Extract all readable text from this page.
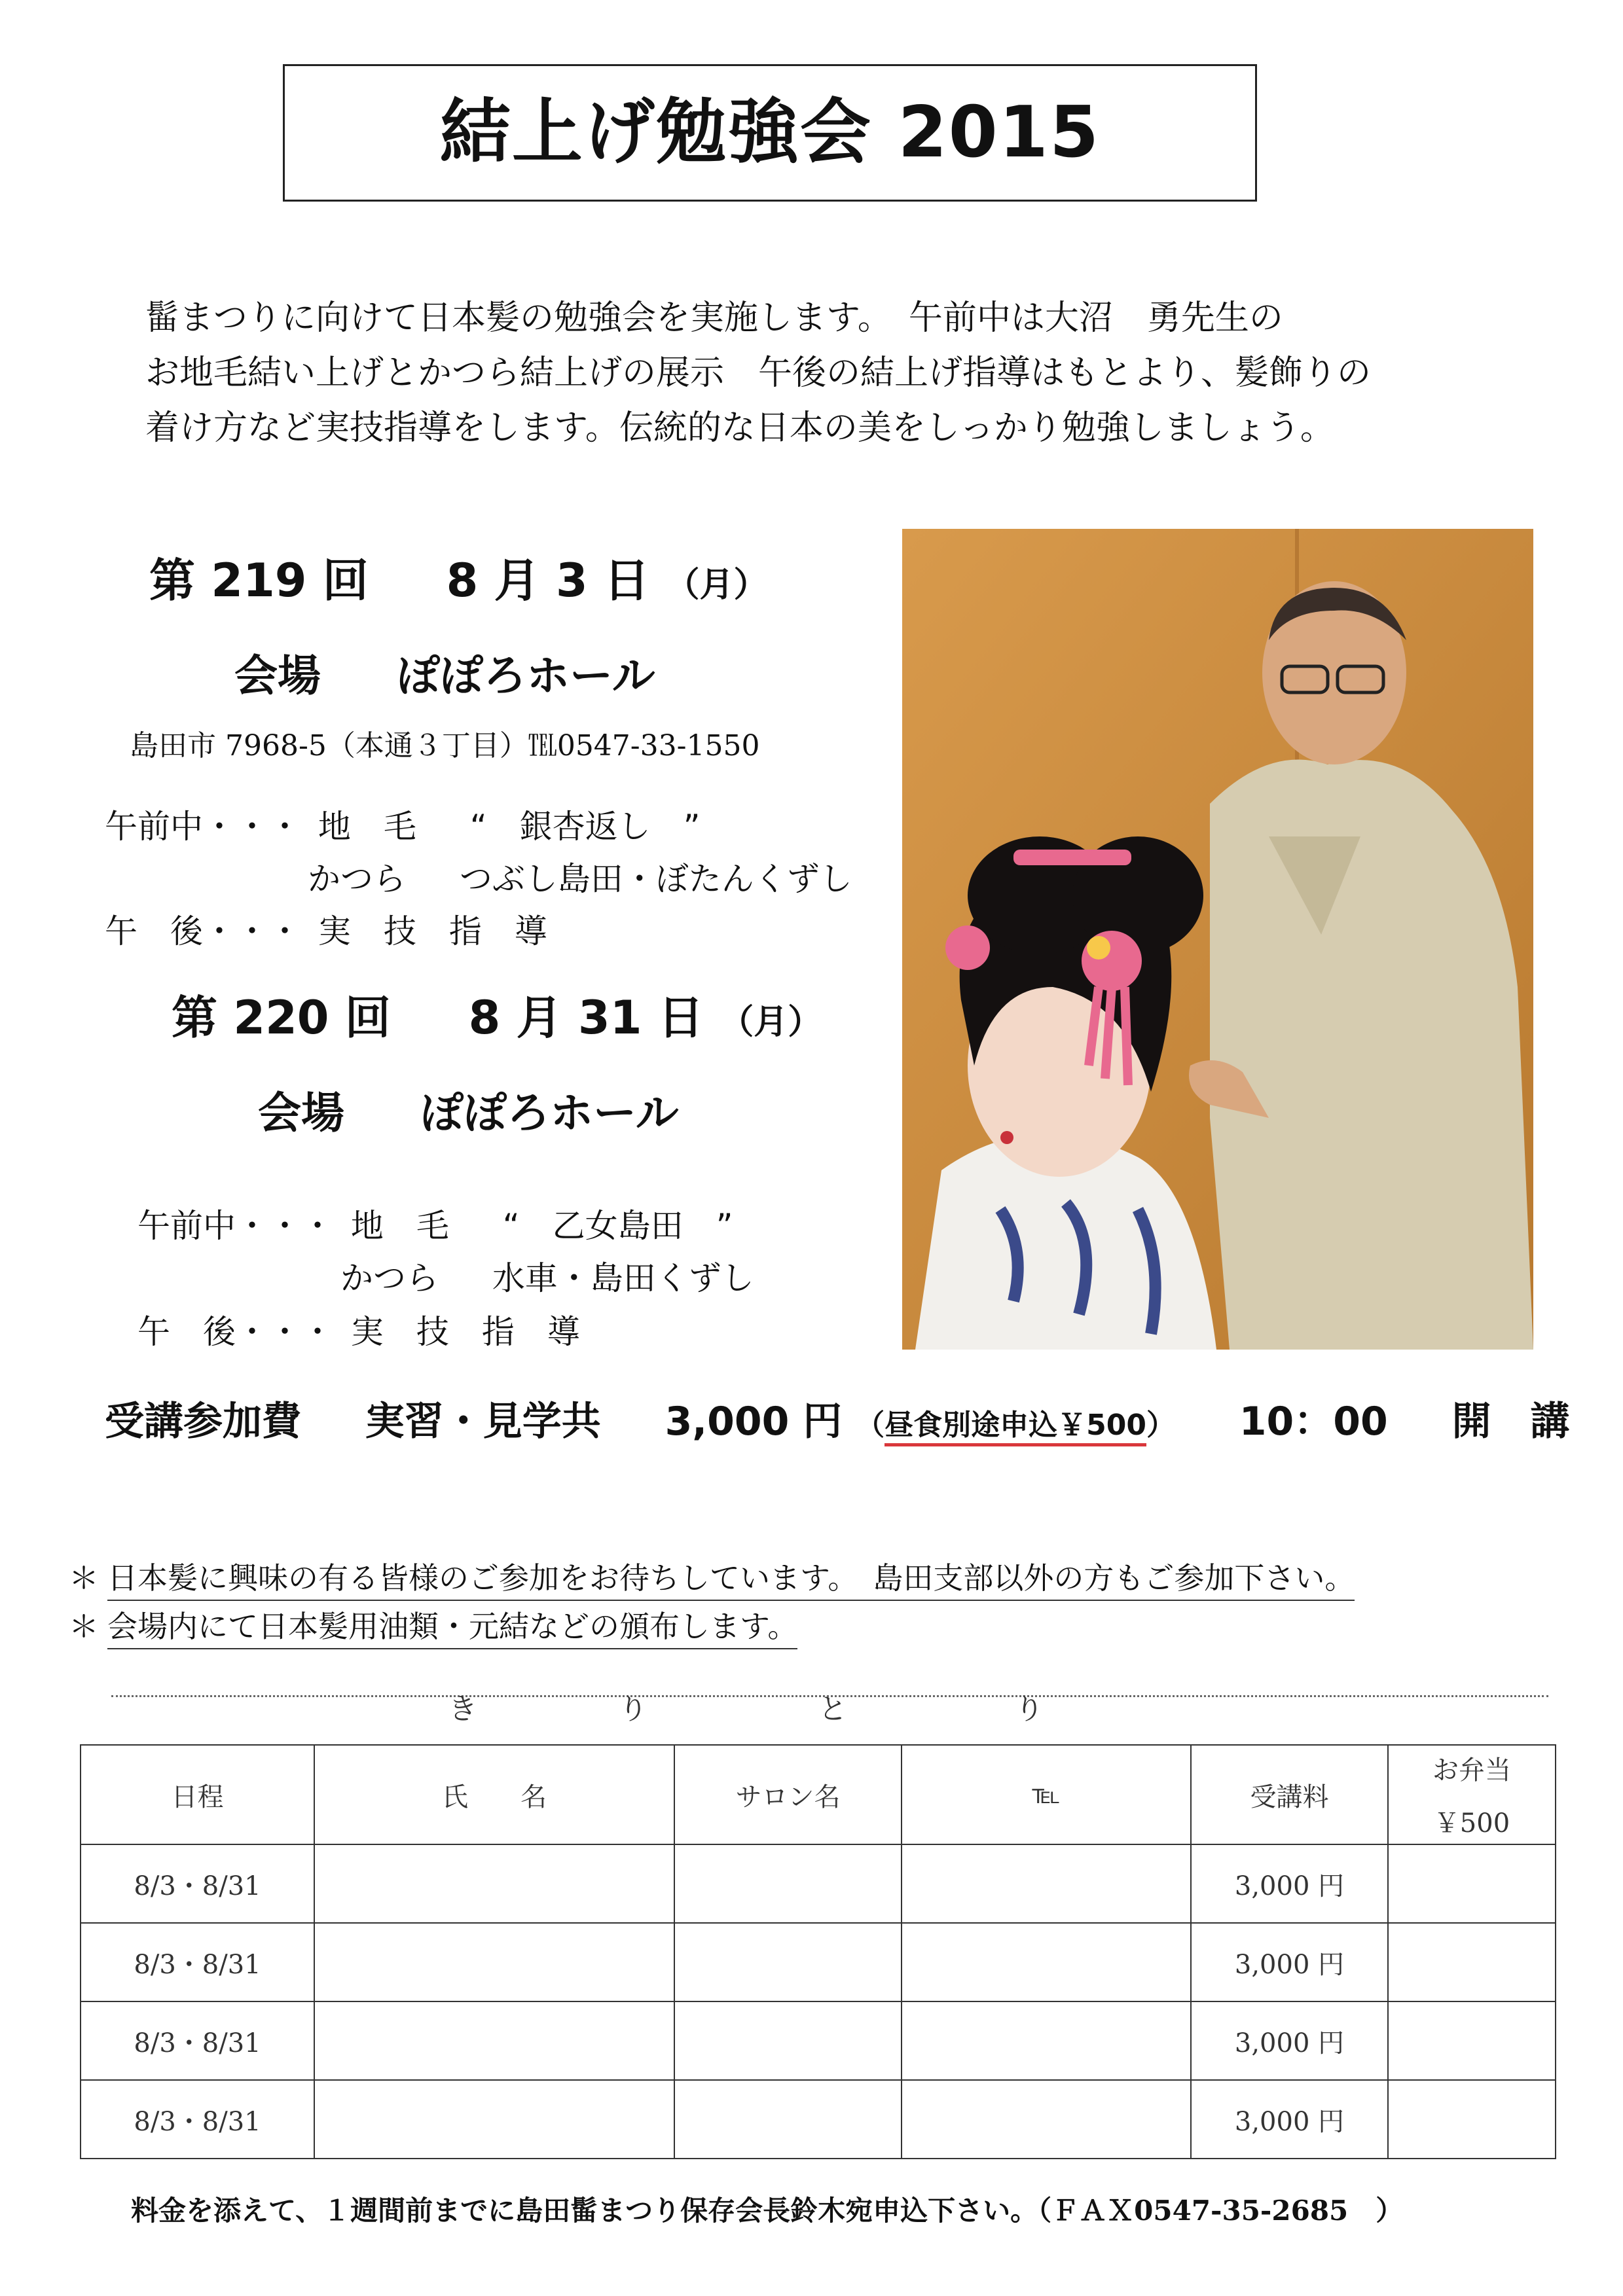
結上げ勉強会 2015
髷まつりに向けて日本髪の勉強会を実施します。　午前中は大沼　勇先生の
お地毛結い上げとかつら結上げの展示　午後の結上げ指導はもとより、髪飾りの
着け方など実技指導をします。伝統的な日本の美をしっかり勉強しましょう。
第 219 回 8 月 3 日 （月）
会場 ぽぽろホール
島田市 7968-5（本通３丁目）℡0547-33-1550
午前中・・・ 地　毛 “　銀杏返し　”
かつら つぶし島田・ぼたんくずし
午　後・・・ 実　技　指　導
第 220 回 8 月 31 日 （月）
会場 ぽぽろホール
午前中・・・ 地　毛 “　乙女島田　”
かつら 水車・島田くずし
午　後・・・ 実　技　指　導
受講参加費 実習・見学共 3,000 円 （昼食別途申込￥500） 10：00 開　講
＊ 日本髪に興味の有る皆様のご参加をお待ちしています。　島田支部以外の方もご参加下さい。
＊ 会場内にて日本髪用油類・元結などの頒布します。
き	り	と	り
日程	氏　　名	サロン名	℡	受講料	お弁当
￥500

8/3・8/31				3,000 円	
8/3・8/31				3,000 円	
8/3・8/31				3,000 円	
8/3・8/31				3,000 円	
料金を添えて、１週間前までに島田髷まつり保存会長鈴木宛申込下さい。（ＦＡＸ0547-35-2685　）
